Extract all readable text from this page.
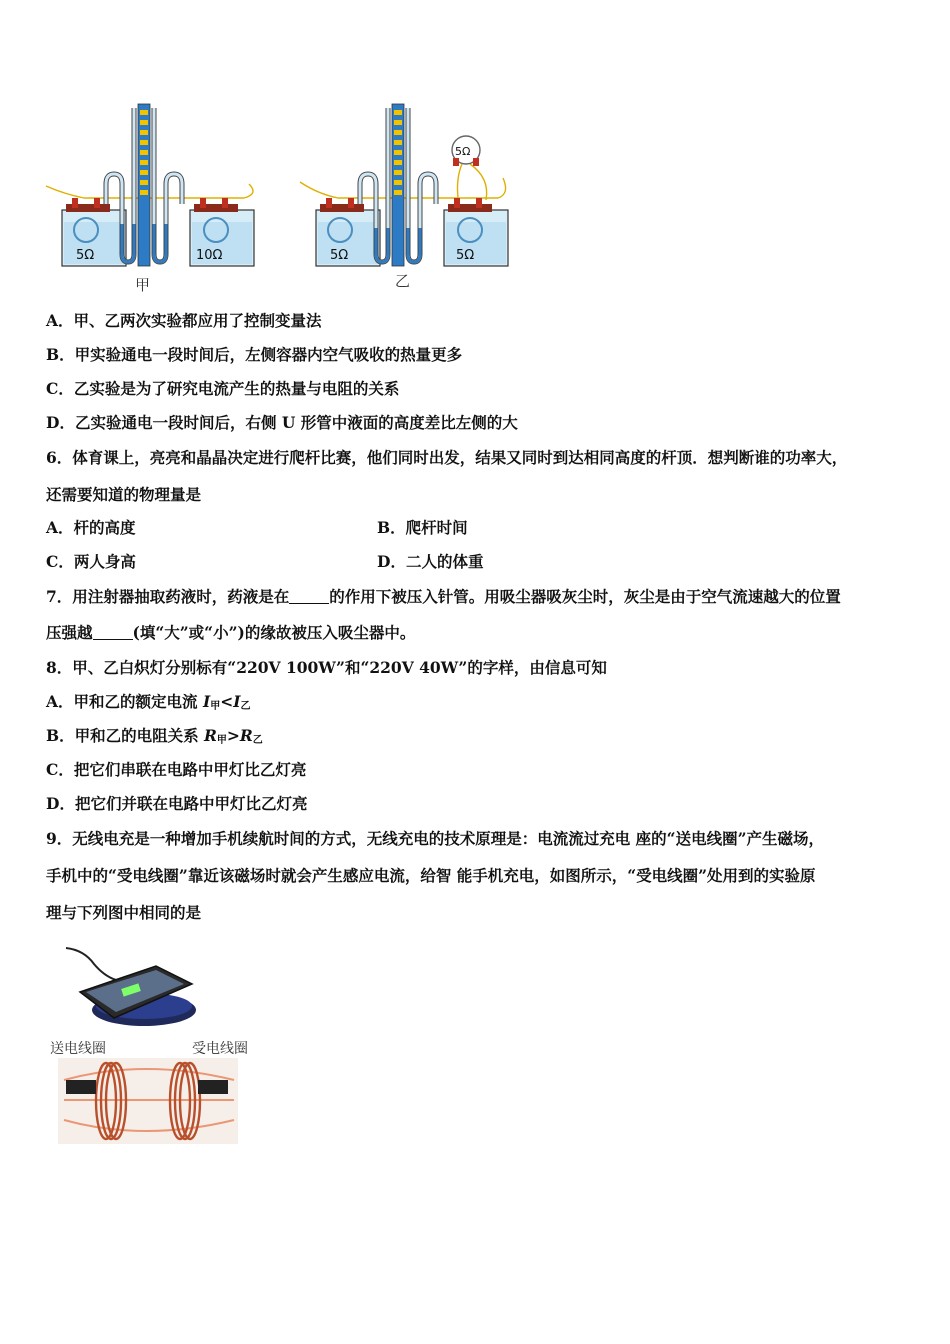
5Ω	10Ω
甲
5Ω
5Ω	5Ω
乙
A．甲、乙两次实验都应用了控制变量法
B．甲实验通电一段时间后，左侧容器内空气吸收的热量更多
C．乙实验是为了研究电流产生的热量与电阻的关系
D．乙实验通电一段时间后，右侧 U 形管中液面的高度差比左侧的大
6．体育课上，亮亮和晶晶决定进行爬杆比赛，他们同时出发，结果又同时到达相同高度的杆顶．想判断谁的功率大，
还需要知道的物理量是
A．杆的高度	B．爬杆时间
C．两人身高	D．二人的体重
7．用注射器抽取药液时，药液是在	的作用下被压入针管。用吸尘器吸灰尘时，灰尘是由于空气流速越大的位置
压强越	(填“大”或“小”)的缘故被压入吸尘器中。
8．甲、乙白炽灯分别标有“220V 100W”和“220V 40W”的字样，由信息可知
A．甲和乙的额定电流 $I_甲<I_乙$
B．甲和乙的电阻关系 $R_甲>R_乙$
C．把它们串联在电路中甲灯比乙灯亮
D．把它们并联在电路中甲灯比乙灯亮
9．无线电充是一种增加手机续航时间的方式，无线充电的技术原理是：电流流过充电 座的“送电线圈”产生磁场，
手机中的“受电线圈”靠近该磁场时就会产生感应电流，给智 能手机充电，如图所示，“受电线圈”处用到的实验原
理与下列图中相同的是
送电线圈	受电线圈
